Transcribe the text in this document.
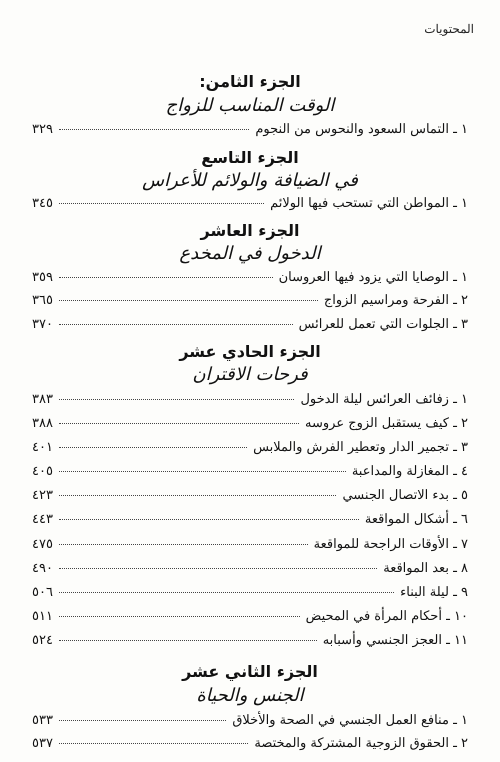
المحتويات
الجزء الثامن:
الوقت المناسب للزواج
١ ـ التماس السعود والنحوس من النجوم
٣٢٩
الجزء التاسع
في الضيافة والولائم للأعراس
١ ـ المواطن التي تستحب فيها الولائم
٣٤٥
الجزء العاشر
الدخول في المخدع
١ ـ الوصايا التي يزود فيها العروسان
٣٥٩
٢ ـ الفرحة ومراسيم الزواج
٣٦٥
٣ ـ الجلوات التي تعمل للعرائس
٣٧٠
الجزء الحادي عشر
فرحات الاقتران
١ ـ زفائف العرائس ليلة الدخول
٣٨٣
٢ ـ كيف يستقبل الزوج عروسه
٣٨٨
٣ ـ تجمير الدار وتعطير الفرش والملابس
٤٠١
٤ ـ المغازلة والمداعبة
٤٠٥
٥ ـ بدء الاتصال الجنسي
٤٢٣
٦ ـ أشكال المواقعة
٤٤٣
٧ ـ الأوقات الراجحة للمواقعة
٤٧٥
٨ ـ بعد المواقعة
٤٩٠
٩ ـ ليلة البناء
٥٠٦
١٠ ـ أحكام المرأة في المحيض
٥١١
١١ ـ العجز الجنسي وأسبابه
٥٢٤
الجزء الثاني عشر
الجنس والحياة
١ ـ منافع العمل الجنسي في الصحة والأخلاق
٥٣٣
٢ ـ الحقوق الزوجية المشتركة والمختصة
٥٣٧
